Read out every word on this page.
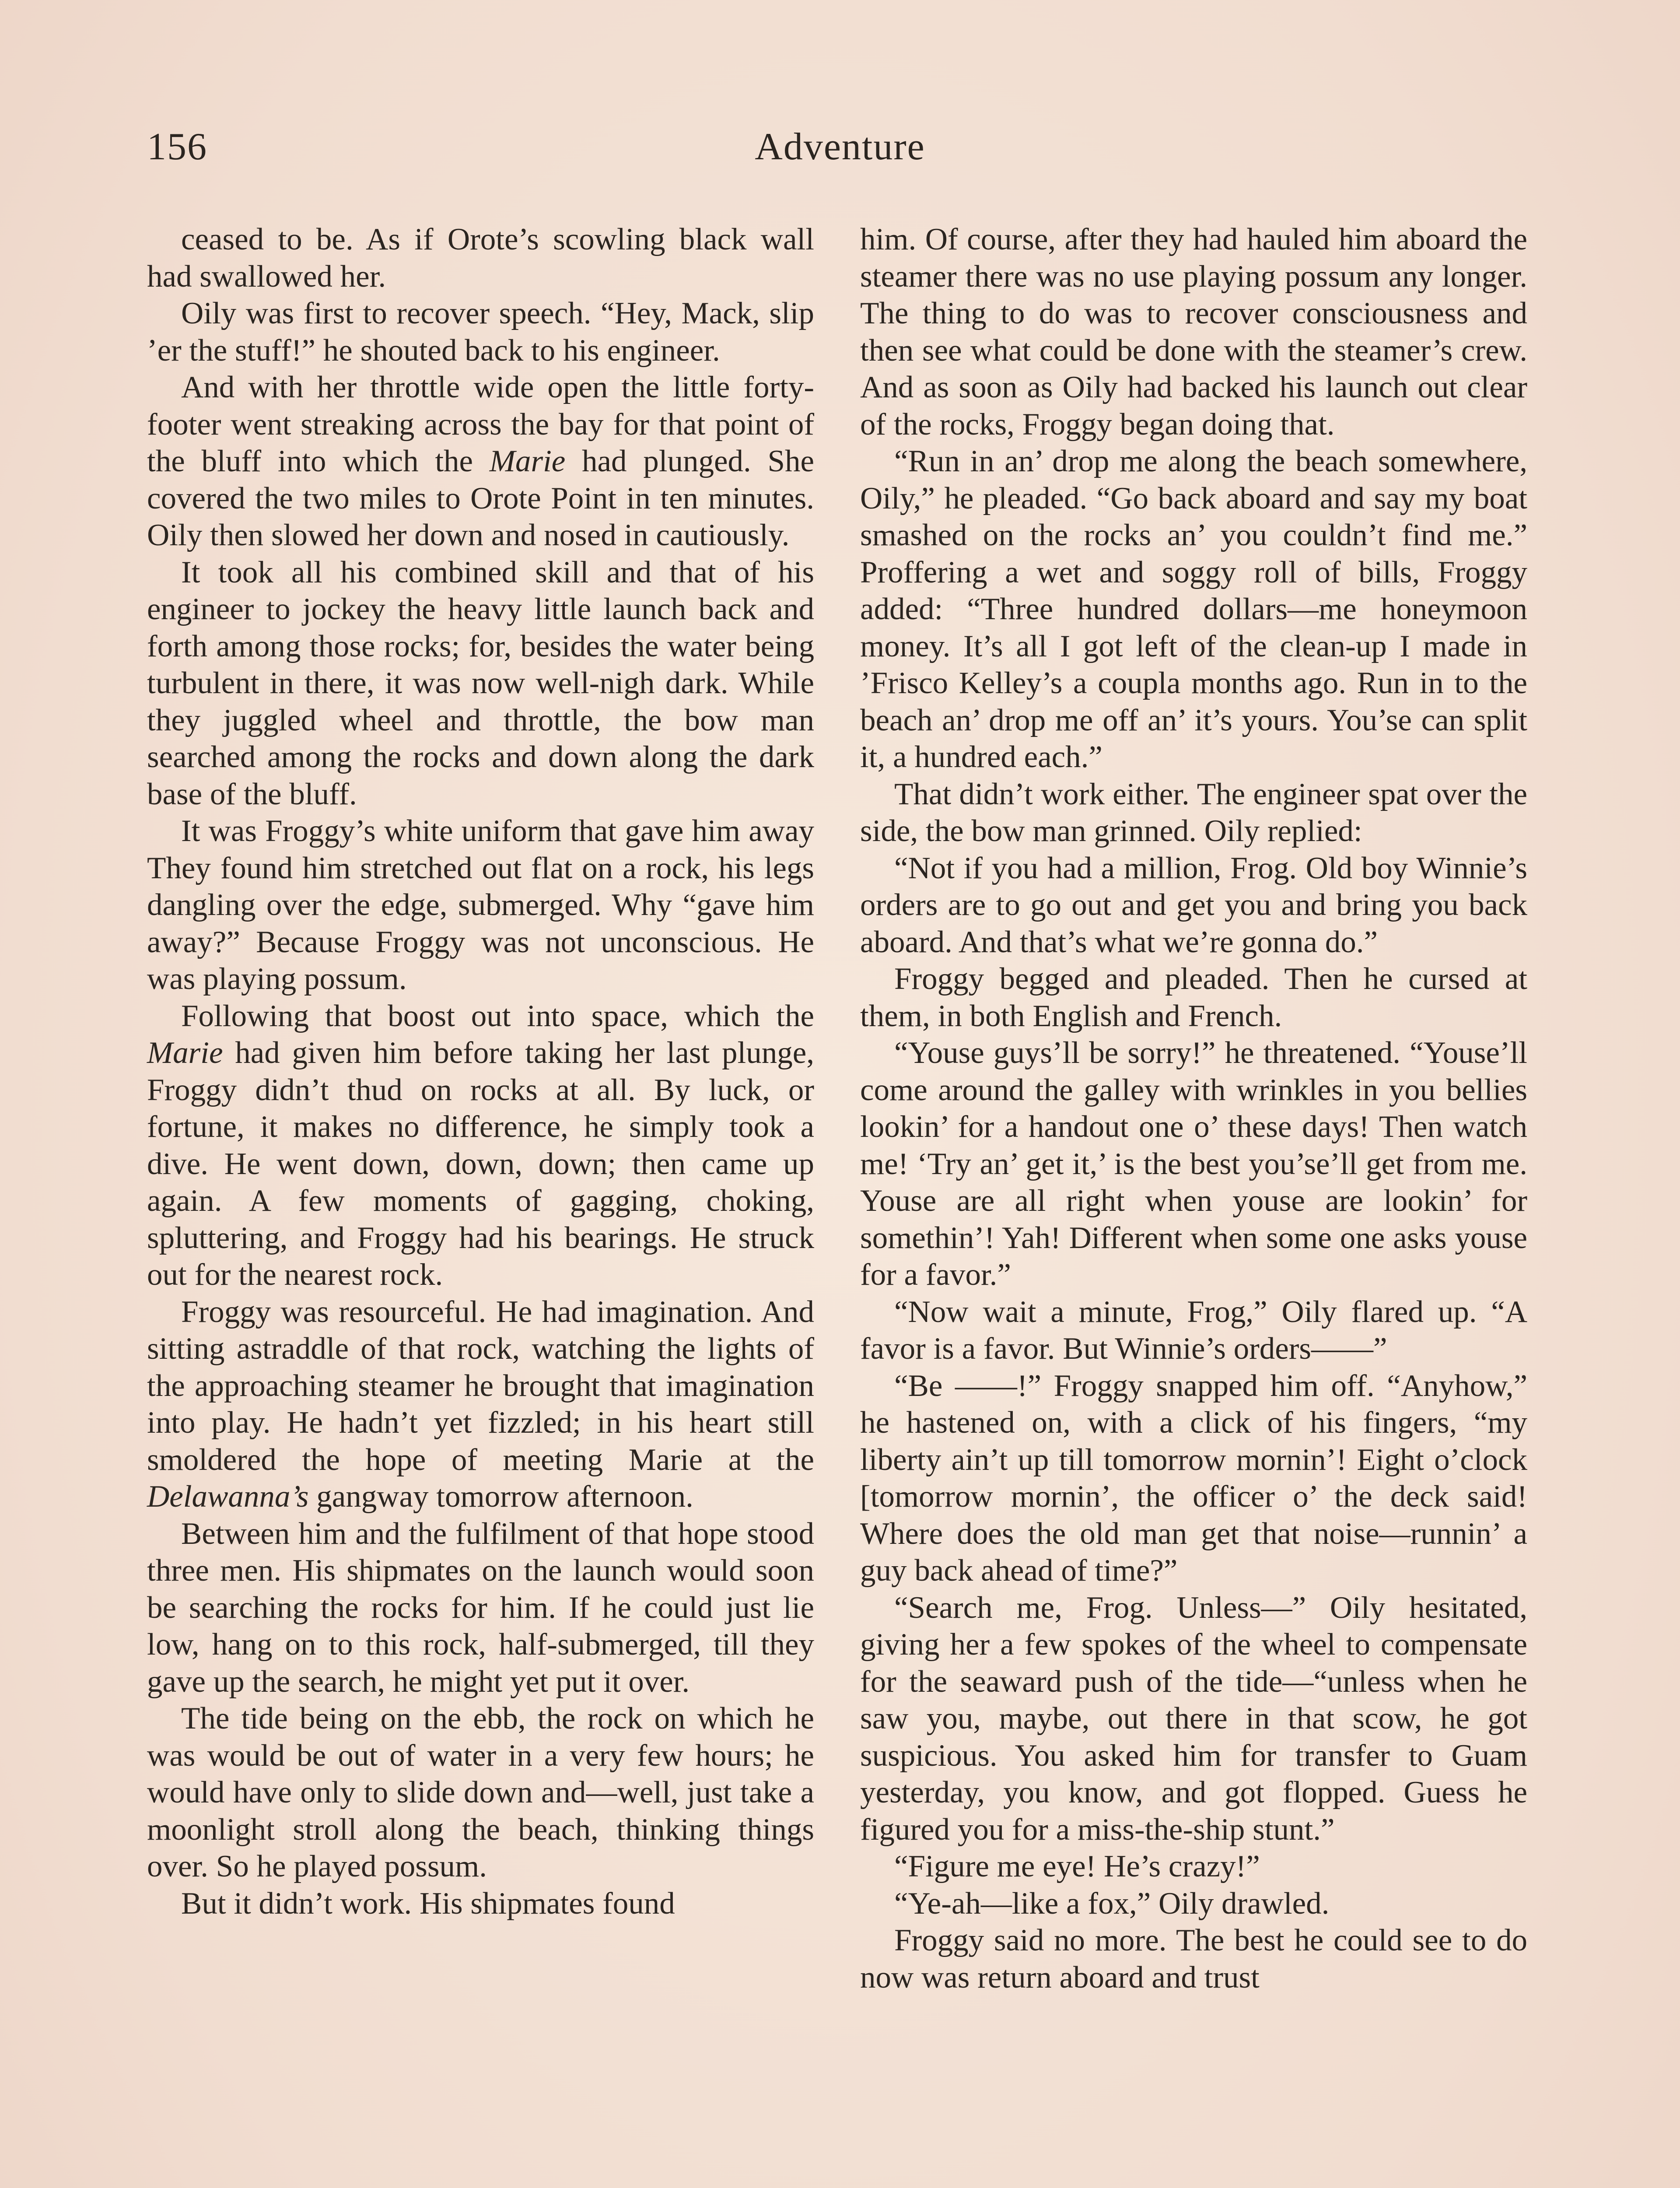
156	Adventure

ceased to be. As if Orote’s scowling black wall had swallowed her.

Oily was first to recover speech. “Hey, Mack, slip ’er the stuff!” he shouted back to his engineer.

And with her throttle wide open the little forty-footer went streaking across the bay for that point of the bluff into which the Marie had plunged. She covered the two miles to Orote Point in ten minutes. Oily then slowed her down and nosed in cautiously.

It took all his combined skill and that of his engineer to jockey the heavy little launch back and forth among those rocks; for, besides the water being turbulent in there, it was now well-nigh dark. While they juggled wheel and throttle, the bow man searched among the rocks and down along the dark base of the bluff.

It was Froggy’s white uniform that gave him away They found him stretched out flat on a rock, his legs dangling over the edge, submerged. Why “gave him away?” Because Froggy was not unconscious. He was playing possum.

Following that boost out into space, which the Marie had given him before taking her last plunge, Froggy didn’t thud on rocks at all. By luck, or fortune, it makes no difference, he simply took a dive. He went down, down, down; then came up again. A few moments of gagging, choking, spluttering, and Froggy had his bearings. He struck out for the nearest rock.

Froggy was resourceful. He had imagination. And sitting astraddle of that rock, watching the lights of the approaching steamer he brought that imagination into play. He hadn’t yet fizzled; in his heart still smoldered the hope of meeting Marie at the Delawanna’s gangway tomorrow afternoon.

Between him and the fulfilment of that hope stood three men. His shipmates on the launch would soon be searching the rocks for him. If he could just lie low, hang on to this rock, half-submerged, till they gave up the search, he might yet put it over.

The tide being on the ebb, the rock on which he was would be out of water in a very few hours; he would have only to slide down and—well, just take a moonlight stroll along the beach, thinking things over. So he played possum.

But it didn’t work. His shipmates found

him. Of course, after they had hauled him aboard the steamer there was no use playing possum any longer. The thing to do was to recover consciousness and then see what could be done with the steamer’s crew. And as soon as Oily had backed his launch out clear of the rocks, Froggy began doing that.

“Run in an’ drop me along the beach somewhere, Oily,” he pleaded. “Go back aboard and say my boat smashed on the rocks an’ you couldn’t find me.” Proffering a wet and soggy roll of bills, Froggy added: “Three hundred dollars—me honeymoon money. It’s all I got left of the clean-up I made in ’Frisco Kelley’s a coupla months ago. Run in to the beach an’ drop me off an’ it’s yours. You’se can split it, a hundred each.”

That didn’t work either. The engineer spat over the side, the bow man grinned. Oily replied:

“Not if you had a million, Frog. Old boy Winnie’s orders are to go out and get you and bring you back aboard. And that’s what we’re gonna do.”

Froggy begged and pleaded. Then he cursed at them, in both English and French.

“Youse guys’ll be sorry!” he threatened. “Youse’ll come around the galley with wrinkles in you bellies lookin’ for a handout one o’ these days! Then watch me! ‘Try an’ get it,’ is the best you’se’ll get from me. Youse are all right when youse are lookin’ for somethin’! Yah! Different when some one asks youse for a favor.”

“Now wait a minute, Frog,” Oily flared up. “A favor is a favor. But Winnie’s orders——”

“Be ——!” Froggy snapped him off. “Anyhow,” he hastened on, with a click of his fingers, “my liberty ain’t up till tomorrow mornin’! Eight o’clock [tomorrow mornin’, the officer o’ the deck said! Where does the old man get that noise—runnin’ a guy back ahead of time?”

“Search me, Frog. Unless—” Oily hesitated, giving her a few spokes of the wheel to compensate for the seaward push of the tide—“unless when he saw you, maybe, out there in that scow, he got suspicious. You asked him for transfer to Guam yesterday, you know, and got flopped. Guess he figured you for a miss-the-ship stunt.”

“Figure me eye! He’s crazy!”

“Ye-ah—like a fox,” Oily drawled.

Froggy said no more. The best he could see to do now was return aboard and trust
